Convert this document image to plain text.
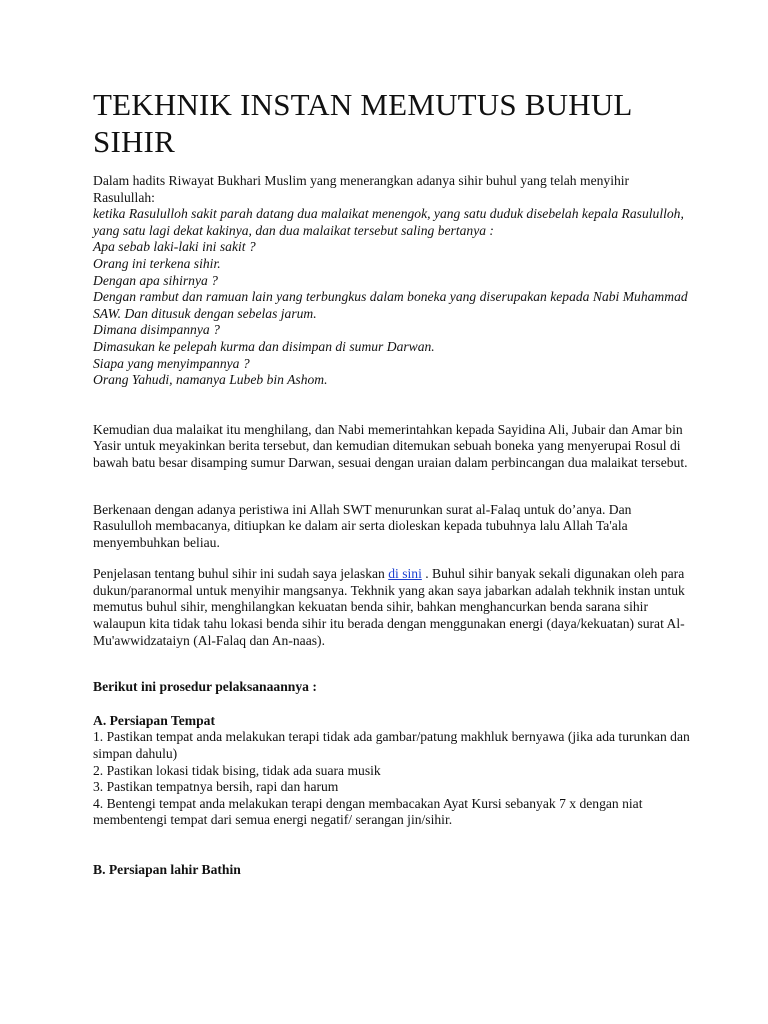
TEKHNIK INSTAN MEMUTUS BUHUL SIHIR

Dalam hadits Riwayat Bukhari Muslim yang menerangkan adanya sihir buhul yang telah menyihir Rasulullah:

ketika Rasululloh sakit parah datang dua malaikat menengok, yang satu duduk disebelah kepala Rasululloh, yang satu lagi dekat kakinya, dan dua malaikat tersebut saling bertanya :
Apa sebab laki-laki ini sakit ?
Orang ini terkena sihir.
Dengan apa sihirnya ?
Dengan rambut dan ramuan lain yang terbungkus dalam boneka yang diserupakan kepada Nabi Muhammad SAW. Dan ditusuk dengan sebelas jarum.
Dimana disimpannya ?
Dimasukan ke pelepah kurma dan disimpan di sumur Darwan.
Siapa yang menyimpannya ?
Orang Yahudi, namanya Lubeb bin Ashom.

Kemudian dua malaikat itu menghilang, dan Nabi memerintahkan kepada Sayidina Ali, Jubair dan Amar bin Yasir untuk meyakinkan berita tersebut, dan kemudian ditemukan sebuah boneka yang menyerupai Rosul di bawah batu besar disamping sumur Darwan, sesuai dengan uraian dalam perbincangan dua malaikat tersebut.

Berkenaan dengan adanya peristiwa ini Allah SWT menurunkan surat al-Falaq untuk do’anya. Dan Rasululloh membacanya, ditiupkan ke dalam air serta dioleskan kepada tubuhnya lalu Allah Ta'ala menyembuhkan beliau.

Penjelasan tentang buhul sihir ini sudah saya jelaskan di sini . Buhul sihir banyak sekali digunakan oleh para dukun/paranormal untuk menyihir mangsanya. Tekhnik yang akan saya jabarkan adalah tekhnik instan untuk memutus buhul sihir, menghilangkan kekuatan benda sihir, bahkan menghancurkan benda sarana sihir walaupun kita tidak tahu lokasi benda sihir itu berada dengan menggunakan energi (daya/kekuatan) surat Al-Mu'awwidzataiyn (Al-Falaq dan An-naas).

Berikut ini prosedur pelaksanaannya :

A. Persiapan Tempat

1. Pastikan tempat anda melakukan terapi tidak ada gambar/patung makhluk bernyawa (jika ada turunkan dan simpan dahulu)
2. Pastikan lokasi tidak bising, tidak ada suara musik
3. Pastikan tempatnya bersih, rapi dan harum
4. Bentengi tempat anda melakukan terapi dengan membacakan Ayat Kursi sebanyak 7 x dengan niat membentengi tempat dari semua energi negatif/ serangan jin/sihir.

B. Persiapan lahir Bathin
